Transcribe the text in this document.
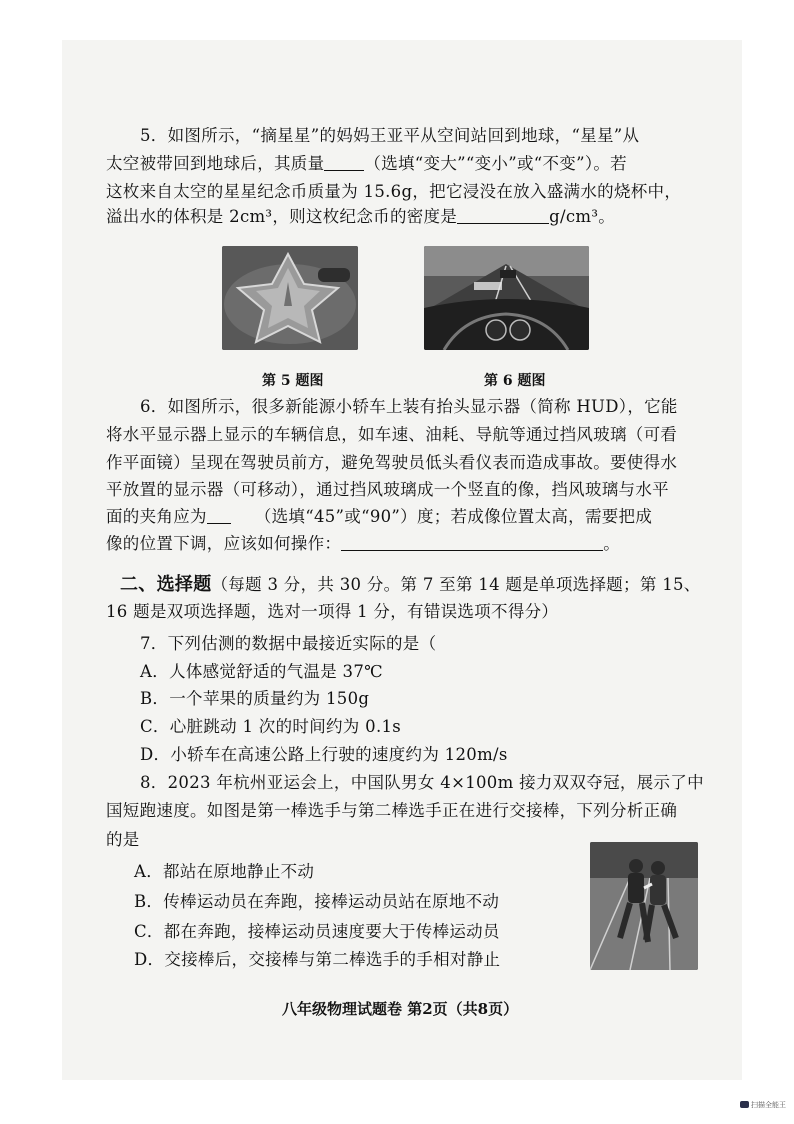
5．如图所示，“摘星星”的妈妈王亚平从空间站回到地球，“星星”从
太空被带回到地球后，其质量 （选填“变大”“变小”或“不变”）。若
这枚来自太空的星星纪念币质量为 15.6g，把它浸没在放入盛满水的烧杯中，
溢出水的体积是 2cm³，则这枚纪念币的密度是	g/cm³。
第 5 题图	第 6 题图
6．如图所示，很多新能源小轿车上装有抬头显示器（简称 HUD），它能
将水平显示器上显示的车辆信息，如车速、油耗、导航等通过挡风玻璃（可看
作平面镜）呈现在驾驶员前方，避免驾驶员低头看仪表而造成事故。要使得水
平放置的显示器（可移动），通过挡风玻璃成一个竖直的像，挡风玻璃与水平
面的夹角应为	（选填“45”或“90”）度；若成像位置太高，需要把成
像的位置下调，应该如何操作：	。
二、选择题（每题 3 分，共 30 分。第 7 至第 14 题是单项选择题；第 15、
16 题是双项选择题，选对一项得 1 分，有错误选项不得分）
7．下列估测的数据中最接近实际的是（
A．人体感觉舒适的气温是 37℃
B．一个苹果的质量约为 150g
C．心脏跳动 1 次的时间约为 0.1s
D．小轿车在高速公路上行驶的速度约为 120m/s
8．2023 年杭州亚运会上，中国队男女 4×100m 接力双双夺冠，展示了中
国短跑速度。如图是第一棒选手与第二棒选手正在进行交接棒，下列分析正确
的是
A．都站在原地静止不动
B．传棒运动员在奔跑，接棒运动员站在原地不动
C．都在奔跑，接棒运动员速度要大于传棒运动员
D．交接棒后，交接棒与第二棒选手的手相对静止
八年级物理试题卷 第2页（共8页）
扫描全能王
